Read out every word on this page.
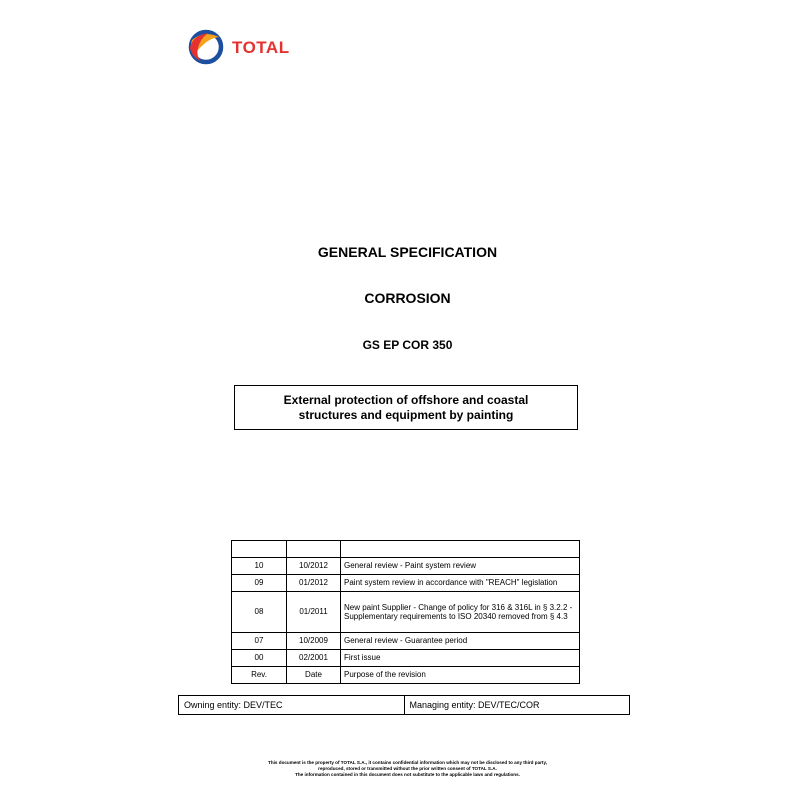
TOTAL
GENERAL SPECIFICATION
CORROSION
GS EP COR 350
External protection of offshore and coastal
structures and equipment by painting

10	10/2012	General review - Paint system review
09	01/2012	Paint system review in accordance with "REACH" legislation
08	01/2011	New paint Supplier - Change of policy for 316 & 316L in § 3.2.2 - Supplementary requirements to ISO 20340 removed from § 4.3
07	10/2009	General review - Guarantee period
00	02/2001	First issue
Rev.	Date	Purpose of the revision
Owning entity: DEV/TEC	Managing entity: DEV/TEC/COR
This document is the property of TOTAL S.A., it contains confidential information which may not be disclosed to any third party,
reproduced, stored or transmitted without the prior written consent of TOTAL S.A.
The information contained in this document does not substitute to the applicable laws and regulations.
